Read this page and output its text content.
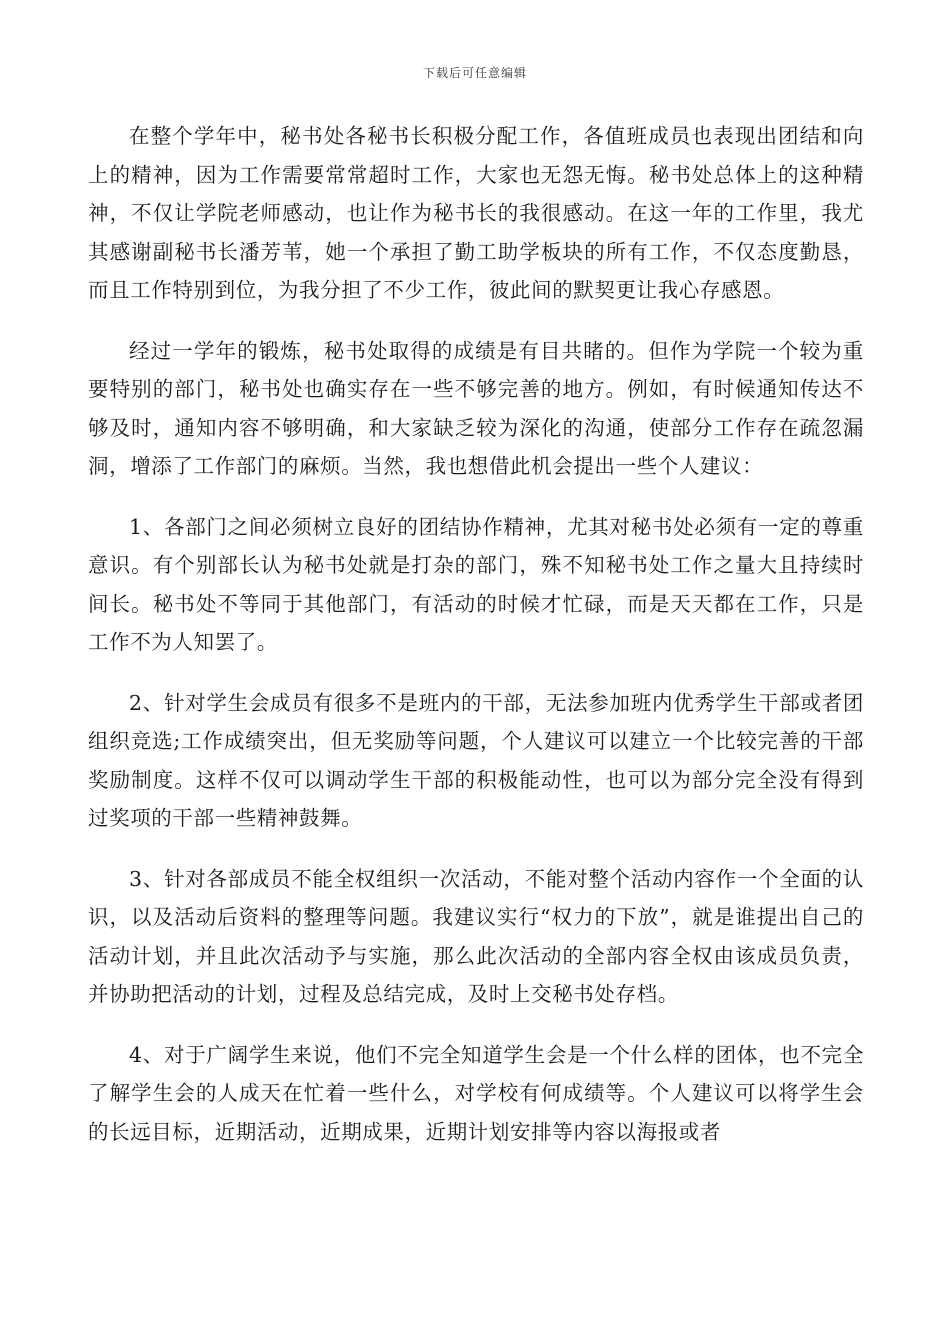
下载后可任意编辑

在整个学年中，秘书处各秘书长积极分配工作，各值班成员也表现出团结和向上的精神，因为工作需要常常超时工作，大家也无怨无悔。秘书处总体上的这种精神，不仅让学院老师感动，也让作为秘书长的我很感动。在这一年的工作里，我尤其感谢副秘书长潘芳苇，她一个承担了勤工助学板块的所有工作，不仅态度勤恳，而且工作特别到位，为我分担了不少工作，彼此间的默契更让我心存感恩。

经过一学年的锻炼，秘书处取得的成绩是有目共睹的。但作为学院一个较为重要特别的部门，秘书处也确实存在一些不够完善的地方。例如，有时候通知传达不够及时，通知内容不够明确，和大家缺乏较为深化的沟通，使部分工作存在疏忽漏洞，增添了工作部门的麻烦。当然，我也想借此机会提出一些个人建议：

1、各部门之间必须树立良好的团结协作精神，尤其对秘书处必须有一定的尊重意识。有个别部长认为秘书处就是打杂的部门，殊不知秘书处工作之量大且持续时间长。秘书处不等同于其他部门，有活动的时候才忙碌，而是天天都在工作，只是工作不为人知罢了。

2、针对学生会成员有很多不是班内的干部，无法参加班内优秀学生干部或者团组织竞选;工作成绩突出，但无奖励等问题，个人建议可以建立一个比较完善的干部奖励制度。这样不仅可以调动学生干部的积极能动性，也可以为部分完全没有得到过奖项的干部一些精神鼓舞。

3、针对各部成员不能全权组织一次活动，不能对整个活动内容作一个全面的认识，以及活动后资料的整理等问题。我建议实行“权力的下放”，就是谁提出自己的活动计划，并且此次活动予与实施，那么此次活动的全部内容全权由该成员负责，并协助把活动的计划，过程及总结完成，及时上交秘书处存档。

4、对于广阔学生来说，他们不完全知道学生会是一个什么样的团体，也不完全了解学生会的人成天在忙着一些什么，对学校有何成绩等。个人建议可以将学生会的长远目标，近期活动，近期成果，近期计划安排等内容以海报或者
